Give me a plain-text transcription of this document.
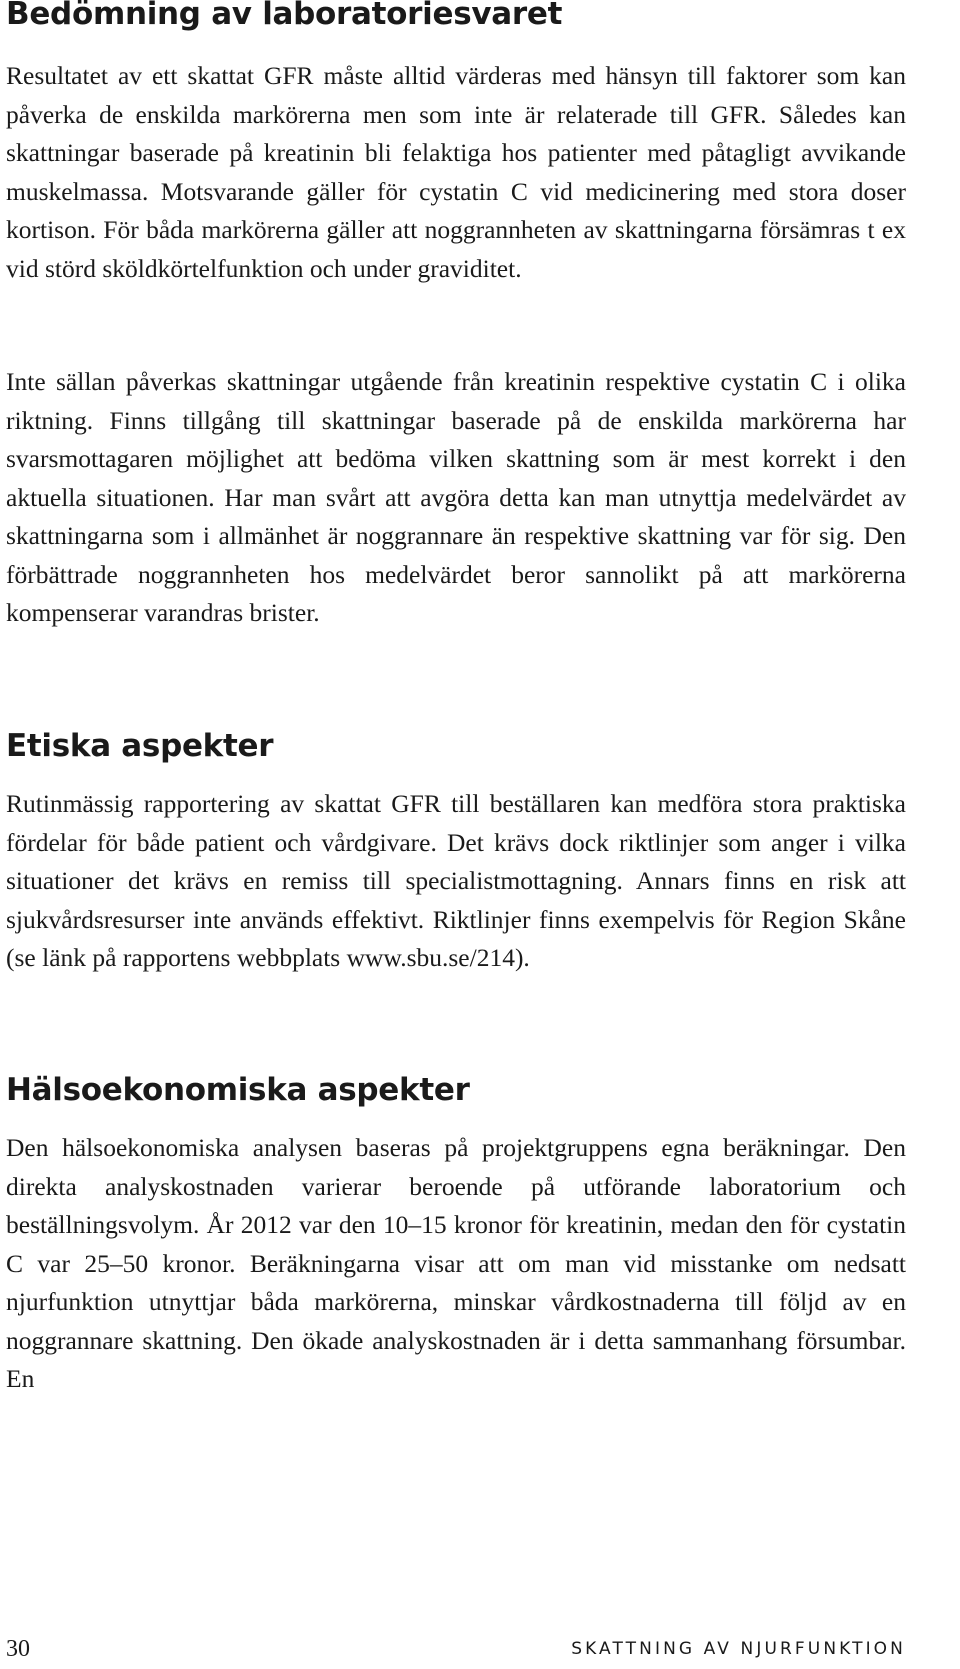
Bedömning av laboratoriesvaret

Resultatet av ett skattat GFR måste alltid värderas med hänsyn till faktorer som kan påverka de enskilda markörerna men som inte är relaterade till GFR. Således kan skattningar baserade på kreatinin bli felaktiga hos patienter med påtagligt avvikande muskelmassa. Motsvarande gäller för cystatin C vid medicinering med stora doser kortison. För båda markörerna gäller att noggrannheten av skattningarna försämras t ex vid störd sköldkörtelfunktion och under graviditet.

Inte sällan påverkas skattningar utgående från kreatinin respektive cystatin C i olika riktning. Finns tillgång till skattningar baserade på de enskilda markörerna har svarsmottagaren möjlighet att bedöma vilken skattning som är mest korrekt i den aktuella situationen. Har man svårt att avgöra detta kan man utnyttja medelvärdet av skattningarna som i allmänhet är noggrannare än respektive skattning var för sig. Den förbättrade noggrannheten hos medelvärdet beror sannolikt på att markörerna kompenserar varandras brister.

Etiska aspekter

Rutinmässig rapportering av skattat GFR till beställaren kan medföra stora praktiska fördelar för både patient och vårdgivare. Det krävs dock riktlinjer som anger i vilka situationer det krävs en remiss till specialistmottagning. Annars finns en risk att sjukvårdsresurser inte används effektivt. Riktlinjer finns exempelvis för Region Skåne (se länk på rapportens webbplats www.sbu.se/214).

Hälsoekonomiska aspekter

Den hälsoekonomiska analysen baseras på projektgruppens egna beräkningar. Den direkta analyskostnaden varierar beroende på utförande laboratorium och beställningsvolym. År 2012 var den 10–15 kronor för kreatinin, medan den för cystatin C var 25–50 kronor. Beräkningarna visar att om man vid misstanke om nedsatt njurfunktion utnyttjar båda markörerna, minskar vårdkostnaderna till följd av en noggrannare skattning. Den ökade analyskostnaden är i detta sammanhang försumbar. En

30	SKATTNING AV NJURFUNKTION
